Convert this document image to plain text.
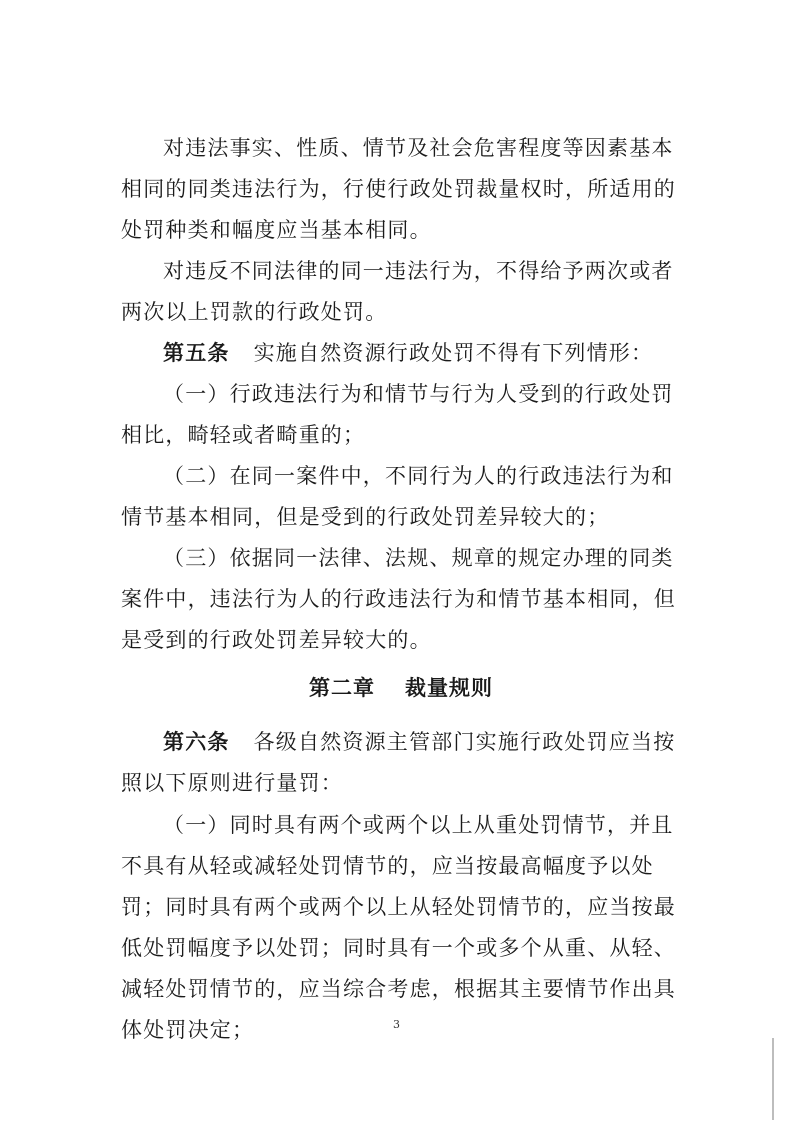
对违法事实、性质、情节及社会危害程度等因素基本相同的同类违法行为，行使行政处罚裁量权时，所适用的处罚种类和幅度应当基本相同。

对违反不同法律的同一违法行为，不得给予两次或者两次以上罚款的行政处罚。

第五条 实施自然资源行政处罚不得有下列情形：

（一）行政违法行为和情节与行为人受到的行政处罚相比，畸轻或者畸重的；

（二）在同一案件中，不同行为人的行政违法行为和情节基本相同，但是受到的行政处罚差异较大的；

（三）依据同一法律、法规、规章的规定办理的同类案件中，违法行为人的行政违法行为和情节基本相同，但是受到的行政处罚差异较大的。

第二章 裁量规则

第六条 各级自然资源主管部门实施行政处罚应当按照以下原则进行量罚：

（一）同时具有两个或两个以上从重处罚情节，并且不具有从轻或减轻处罚情节的，应当按最高幅度予以处罚；同时具有两个或两个以上从轻处罚情节的，应当按最低处罚幅度予以处罚；同时具有一个或多个从重、从轻、减轻处罚情节的，应当综合考虑，根据其主要情节作出具体处罚决定；	3
